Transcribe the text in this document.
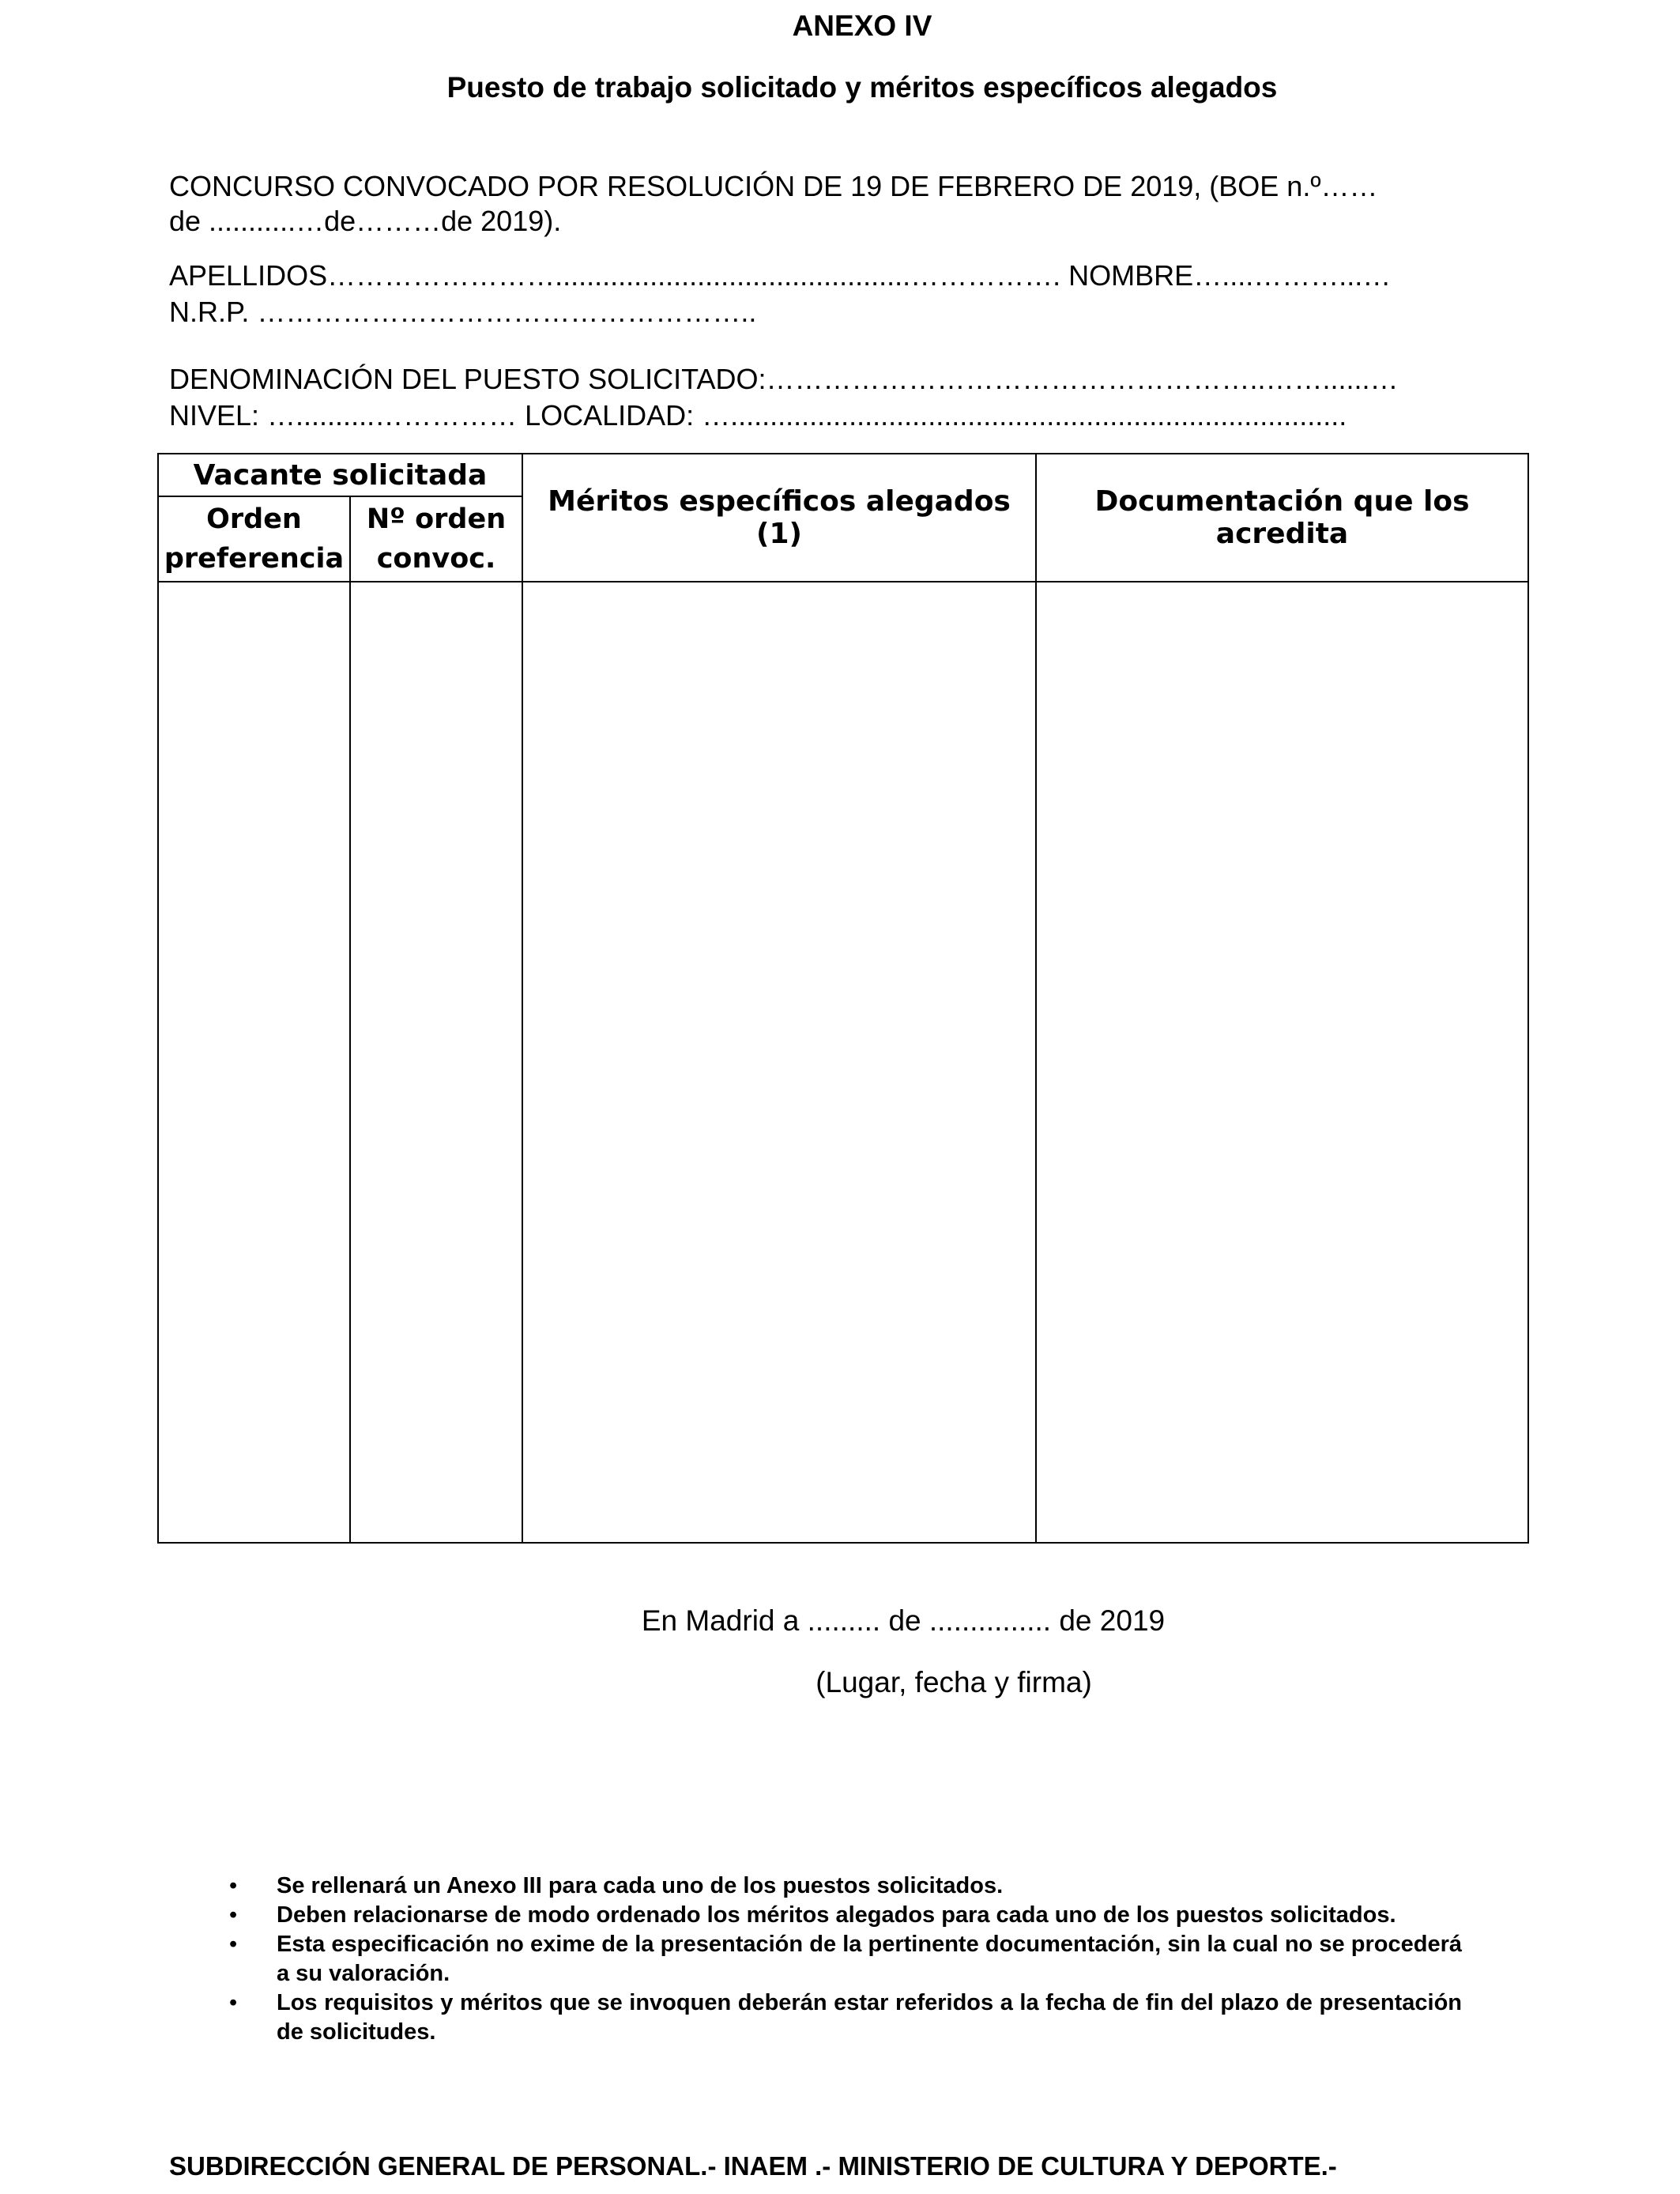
ANEXO IV
Puesto de trabajo solicitado y méritos específicos alegados
CONCURSO CONVOCADO POR RESOLUCIÓN DE 19 DE FEBRERO DE 2019, (BOE n.º……
de ...........…de………de 2019).
APELLIDOS…………………….............................................……………. NOMBRE…....………...…
N.R.P. ……………………………………………..
DENOMINACIÓN DEL PUESTO SOLICITADO:……………………………………………..……......…
NIVEL: …..........…………… LOCALIDAD: …..............................................................................
Vacante solicitada		Méritos específicos alegados (1)	Documentación que los acredita
Orden preferencia	Nº orden convoc.		

En Madrid a ......... de ............... de 2019
(Lugar, fecha y firma)
• Se rellenará un Anexo III para cada uno de los puestos solicitados.
• Deben relacionarse de modo ordenado los méritos alegados para cada uno de los puestos solicitados.
• Esta especificación no exime de la presentación de la pertinente documentación, sin la cual no se procederá a su valoración.
• Los requisitos y méritos que se invoquen deberán estar referidos a la fecha de fin del plazo de presentación de solicitudes.
SUBDIRECCIÓN GENERAL DE PERSONAL.- INAEM .- MINISTERIO DE CULTURA Y DEPORTE.-
